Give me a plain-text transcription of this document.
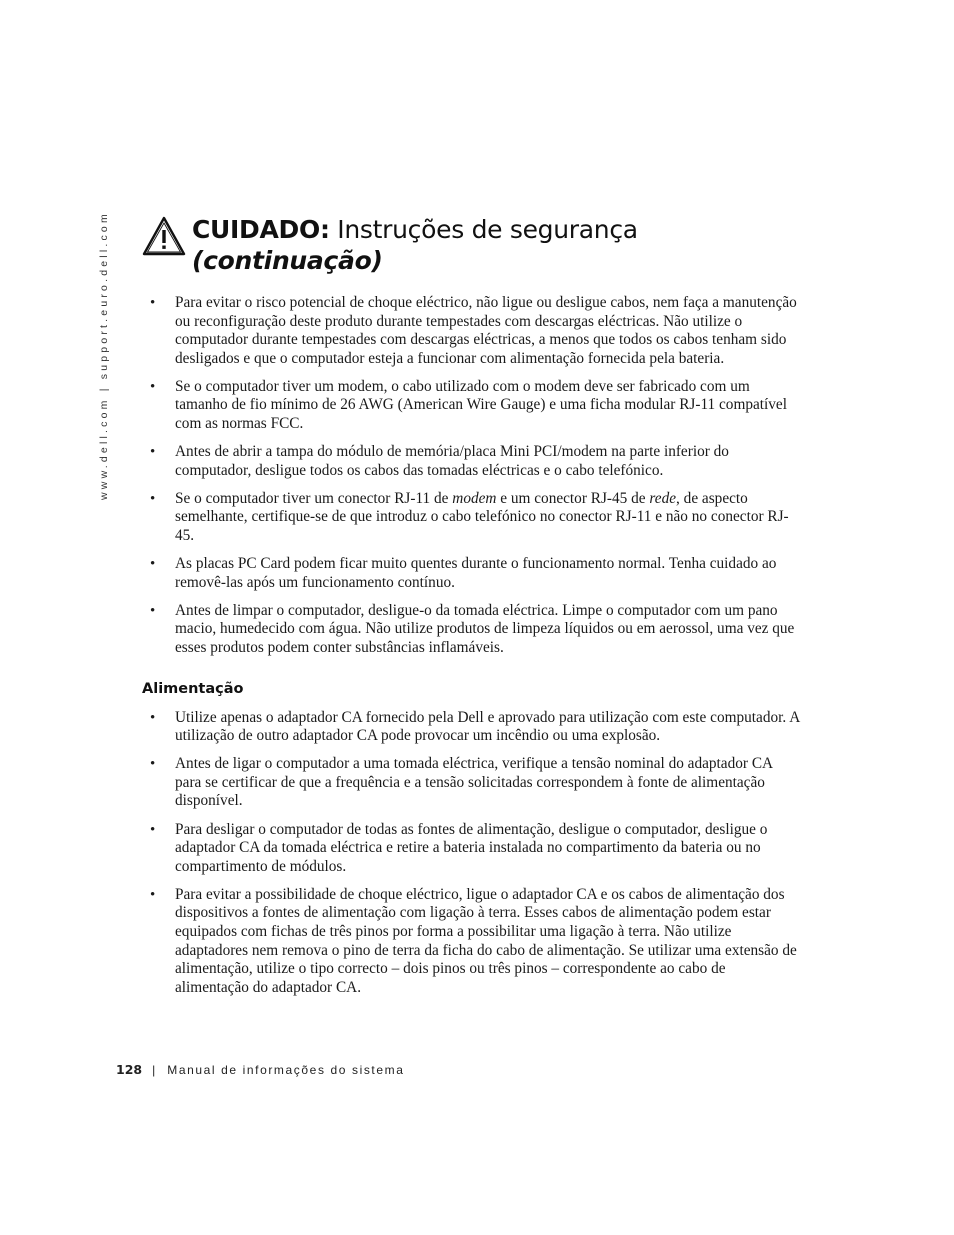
www.dell.com | support.euro.dell.com	CUIDADO: Instruções de segurança
(continuação)
• Para evitar o risco potencial de choque eléctrico, não ligue ou desligue cabos, nem faça a manutenção ou reconfiguração deste produto durante tempestades com descargas eléctricas. Não utilize o computador durante tempestades com descargas eléctricas, a menos que todos os cabos tenham sido desligados e que o computador esteja a funcionar com alimentação fornecida pela bateria.
• Se o computador tiver um modem, o cabo utilizado com o modem deve ser fabricado com um tamanho de fio mínimo de 26 AWG (American Wire Gauge) e uma ficha modular RJ-11 compatível com as normas FCC.
• Antes de abrir a tampa do módulo de memória/placa Mini PCI/modem na parte inferior do computador, desligue todos os cabos das tomadas eléctricas e o cabo telefónico.
• Se o computador tiver um conector RJ-11 de modem e um conector RJ-45 de rede, de aspecto semelhante, certifique-se de que introduz o cabo telefónico no conector RJ-11 e não no conector RJ-45.
• As placas PC Card podem ficar muito quentes durante o funcionamento normal. Tenha cuidado ao removê-las após um funcionamento contínuo.
• Antes de limpar o computador, desligue-o da tomada eléctrica. Limpe o computador com um pano macio, humedecido com água. Não utilize produtos de limpeza líquidos ou em aerossol, uma vez que esses produtos podem conter substâncias inflamáveis.
Alimentação
• Utilize apenas o adaptador CA fornecido pela Dell e aprovado para utilização com este computador. A utilização de outro adaptador CA pode provocar um incêndio ou uma explosão.
• Antes de ligar o computador a uma tomada eléctrica, verifique a tensão nominal do adaptador CA para se certificar de que a frequência e a tensão solicitadas correspondem à fonte de alimentação disponível.
• Para desligar o computador de todas as fontes de alimentação, desligue o computador, desligue o adaptador CA da tomada eléctrica e retire a bateria instalada no compartimento da bateria ou no compartimento de módulos.
• Para evitar a possibilidade de choque eléctrico, ligue o adaptador CA e os cabos de alimentação dos dispositivos a fontes de alimentação com ligação à terra. Esses cabos de alimentação podem estar equipados com fichas de três pinos por forma a possibilitar uma ligação à terra. Não utilize adaptadores nem remova o pino de terra da ficha do cabo de alimentação. Se utilizar uma extensão de alimentação, utilize o tipo correcto – dois pinos ou três pinos – correspondente ao cabo de alimentação do adaptador CA.
128 | Manual de informações do sistema
